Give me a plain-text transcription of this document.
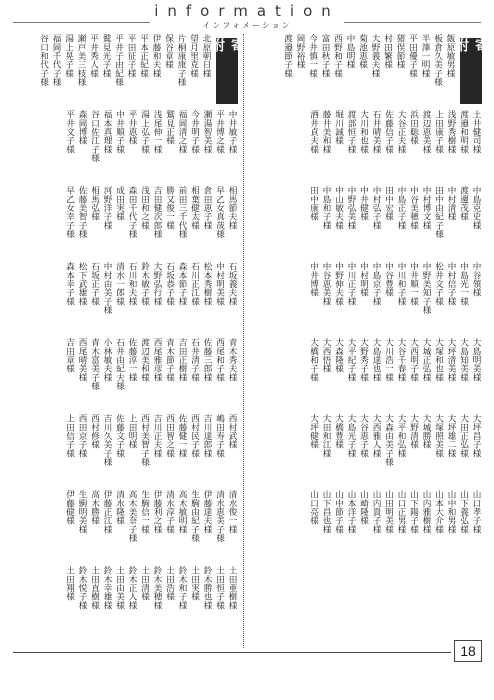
information
インフォメーション
寄　附
北原朝日様
望月里克様
片桐康康子様
保谷章様
伊藤和夫様
平本正紀様
平田征子様
平井子由紀様
鷲見光子様
平井秀人様
瀬戸美三枝様
湯上晃子様
福岡千代子様
谷口和代子様
中井敏子様
平井博之様
瀬湯智美様
今井明子様
福岡清之様
鷲見正様
浅尾伸一様
湯上弘子様
平井恵様
中井順子様
福本真理様
谷口佐江子様
森岡博様
平井文子様
相馬節夫様
早乙女真哉様
倉田恵子様
相葉健太様
前田三千代様
勝又俊一様
吉田健次郎様
浅田和之様
森田千代子様
成田実様
河野洋子様
相馬弘様
佐藤美智子様
早乙女幸子様
石坂義夫様
中村明美様
松本秀樹様
石川正江様
森本節子様
石坂恭子様
大野弘行様
鈴木敏子様
石川和夫様
清水一郎様
中村由美子様
石坂正子様
松下武雄様
森本幸子様
青木秀夫様
西尾和子様
佐藤三郎様
石井清子様
吉田正樹様
青木節子様
西尾雅彦様
渡辺美和様
佐藤淳一様
石井由紀夫様
小林敏夫様
青木富美子様
西尾晴美様
吉田章様
西村武様
嶋田寿子様
吉川達郎様
西村民子様
佐藤健一様
西田智之様
吉川正夫様
西村美智子様
上田明様
佐藤文子様
吉川久美子様
西村修様
西田京子様
上田信子様
清水俊一様
清水恵美子様
伊藤達夫様
生駒由紀子様
高木敏明様
清水淳子様
伊藤利之様
生駒信一様
高木美奈子様
清水隆様
伊藤正江様
高木勝様
生駒明美様
伊藤健様
土田亜樹様
土田恒子様
鈴木勝也様
土田実様
鈴木和子様
土田浩様
鈴木美穂様
土田清様
鈴木正人様
土田由美様
鈴木幸雄様
土田直樹様
鈴木悦子様
土田翔様
寄　附
飯原敏男様
板倉久美子様
半澤一明様
平田優子様
猪俣節様
村田繁様
大野義夫様
菊池恵様
中島明様
西野和子様
富田秋子様
今井慎一様
岡野裕様
渡邉節子様
土井健司様
渡邉和明様
浅野秀樹様
上田康子様
渡辺恵美様
浜田聡様
大谷正夫様
佐藤信子様
石井晴美様
大川和也様
渡部恒子様
堀川誠様
藤井美和様
酒井貞夫様
中島克史様
渡邊茂様
中村清様
田中由紀子様
中村博文様
中谷美穂様
中島正子様
田中宏様
中村弘子様
中井健様
中野弘美様
中山敏夫様
中島和子様
田中康様
中谷領様
中島光一様
中村信子様
松井文子様
中野美知子様
中井順一様
中川和子様
中谷豊様
中島京子様
中村明様
中川正子様
中野伸夫様
中谷恵美様
中井博様
大島明美様
大島知美様
大坪清美様
大塚和也様
大城正弘様
大西明子様
大谷千春様
大川浩一様
大島達也様
大野秀子様
大平紀子様
大森隆様
大西悟様
大橋和子様
大坪昌子様
大田正弘様
大坪雄二様
大塚照美様
大城勝様
大野清様
大平和弘様
大森由美子様
大西雅人様
大谷恵子様
大島光子様
大橋豊様
大田和江様
大坪健様
山口孝子様
山下義弘様
山中和男様
山本大介様
山内雅樹様
山下陽子様
山口正男様
山田明美様
山内貴子様
山崎隆様
山本洋子様
山中節子様
山下昌也様
山口亮様
18
